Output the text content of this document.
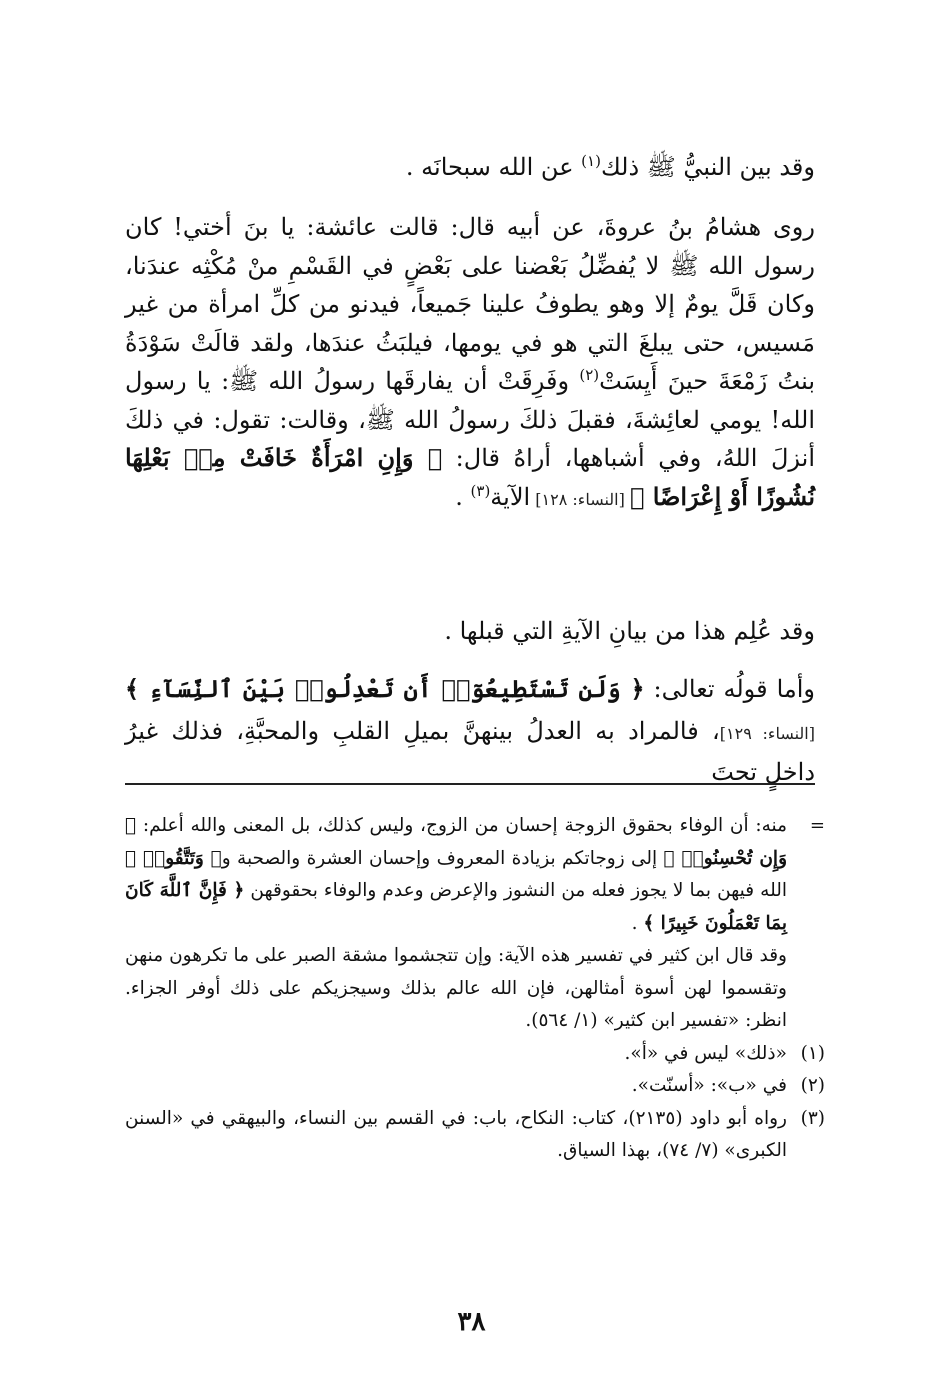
وقد بين النبيُّ ﷺ ذلك$^{(١)}$ عن الله سبحانَه .

روى هشامُ بنُ عروةَ، عن أبيه قال: قالت عائشة: يا بنَ أختي! كان رسول الله ﷺ لا يُفضِّلُ بَعْضنا على بَعْضٍ في القَسْمِ منْ مُكْثِه عندَنا، وكان قَلَّ يومٌ إلا وهو يطوفُ علينا جَميعاً، فيدنو من كلِّ امرأة من غير مَسيس، حتى يبلغَ التي هو في يومها، فيلبَثُ عندَها، ولقد قالَتْ سَوْدَةُ بنتُ زَمْعَةَ حينَ أَيِسَتْ$^{(٢)}$ وفَرِقَتْ أن يفارقَها رسولُ الله ﷺ: يا رسول الله! يومي لعائِشةَ، فقبلَ ذلكَ رسولُ الله ﷺ، وقالت: تقول: في ذلكَ أنزلَ اللهُ، وفي أشباهها، أراهُ قال: ﴿ وَإِنِ امْرَأَةٌ خَافَتْ مِنۢ بَعْلِهَا نُشُوزًا أَوْ إِعْرَاضًا ﴾ [النساء: ١٢٨] الآية$^{(٣)}$ .

وقد عُلِم هذا من بيانِ الآيةِ التي قبلها .

وأما قولُه تعالى: ﴿ وَلَن تَسْتَطِيعُوٓا۟ أَن تَعْدِلُوا۟ بَيْنَ ٱلنِّسَآءِ ﴾ [النساء: ١٢٩]، فالمراد به العدلُ بينهنَّ بميلِ القلبِ والمحبَّةِ، فذلك غيرُ داخلٍ تحتَ

=
منه: أن الوفاء بحقوق الزوجة إحسان من الزوج، وليس كذلك، بل المعنى والله أعلم: ﴿ وَإِن تُحْسِنُوا۟ ﴾ إلى زوجاتكم بزيادة المعروف وإحسان العشرة والصحبة و﴿ وَتَتَّقُوا۟ ﴾ الله فيهن بما لا يجوز فعله من النشوز والإعرض وعدم والوفاء بحقوقهن ﴿ فَإِنَّ ٱللَّهَ كَانَ بِمَا تَعْمَلُونَ خَبِيرًا ﴾ .
وقد قال ابن كثير في تفسير هذه الآية: وإن تتجشموا مشقة الصبر على ما تكرهون منهن وتقسموا لهن أسوة أمثالهن، فإن الله عالم بذلك وسيجزيكم على ذلك أوفر الجزاء. انظر: «تفسير ابن كثير» (١/ ٥٦٤).
(١)
«ذلك» ليس في «أ».
(٢)
في «ب»: «أسنّت».
(٣)
رواه أبو داود (٢١٣٥)، كتاب: النكاح، باب: في القسم بين النساء، والبيهقي في «السنن الكبرى» (٧/ ٧٤)، بهذا السياق.
٣٨
